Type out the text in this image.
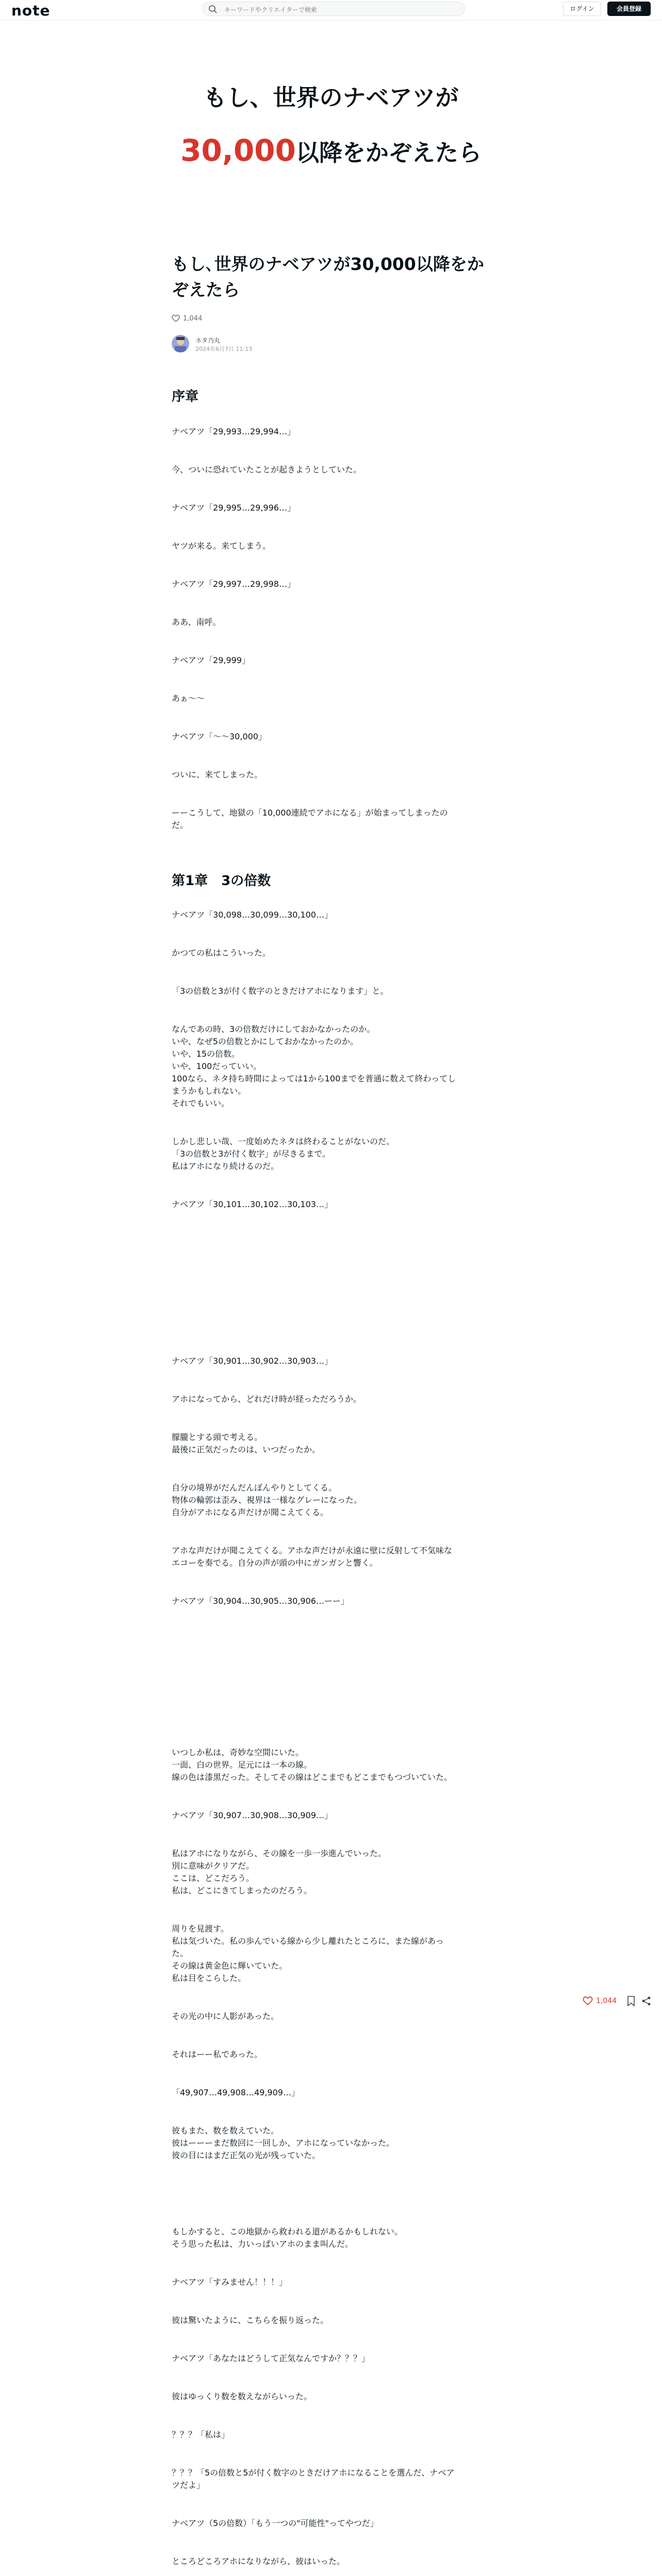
note
キーワードやクリエイターで検索	ログイン	会員登録
もし、世界のナベアツが
30,000以降をかぞえたら
もし､世界のナベアツが30,000以降をか
ぞえたら
1,044
ネタ乃丸
2024年6月7日 11:13
序章
第1章　3の倍数
ナベアツ「29,993…29,994…」
今、ついに恐れていたことが起きようとしていた。
ナベアツ「29,995…29,996…」
ヤツが来る。来てしまう。
ナベアツ「29,997…29,998…」
ああ、南呼。
ナベアツ「29,999」
あぁ〜〜
ナベアツ「〜〜30,000」
ついに、来てしまった。
ーーこうして、地獄の「10,000連続でアホになる」が始まってしまったの
だ。
ナベアツ「30,098…30,099…30,100…」
かつての私はこういった。
「3の倍数と3が付く数字のときだけアホになります」と。
なんであの時、3の倍数だけにしておかなかったのか。
いや、なぜ5の倍数とかにしておかなかったのか。
いや、15の倍数。
いや、100だっていい。
100なら、ネタ持ち時間によっては1から100までを普通に数えて終わってし
まうかもしれない。
それでもいい。
しかし悲しい哉、一度始めたネタは終わることがないのだ。
「3の倍数と3が付く数字」が尽きるまで。
私はアホになり続けるのだ。
ナベアツ「30,101…30,102…30,103…」
ナベアツ「30,901…30,902…30,903…」
アホになってから、どれだけ時が経っただろうか。
朦朧とする頭で考える。
最後に正気だったのは、いつだったか。
自分の境界がだんだんぼんやりとしてくる。
物体の輪郭は歪み、視界は一様なグレーになった。
自分がアホになる声だけが聞こえてくる。
アホな声だけが聞こえてくる。アホな声だけが永遠に壁に反射して不気味な
エコーを奏でる。自分の声が頭の中にガンガンと響く。
ナベアツ「30,904…30,905…30,906…ーー」
いつしか私は、奇妙な空間にいた。
一面、白の世界。足元には一本の線。
線の色は漆黒だった。そしてその線はどこまでもどこまでもつづいていた。
ナベアツ「30,907…30,908…30,909…」
私はアホになりながら、その線を一歩一歩進んでいった。
別に意味がクリアだ。
ここは、どこだろう。
私は、どこにきてしまったのだろう。
周りを見渡す。
私は気づいた。私の歩んでいる線から少し離れたところに、また線があっ
た。
その線は黄金色に輝いていた。
私は目をこらした。
その光の中に人影があった。
それはーー私であった。
「49,907…49,908…49,909…」
彼もまた、数を数えていた。
彼はーーーまだ数回に一回しか、アホになっていなかった。
彼の目にはまだ正気の光が残っていた。
もしかすると、この地獄から救われる道があるかもしれない。
そう思った私は、力いっぱいアホのまま叫んだ。
ナベアツ「すみません！！！」
彼は驚いたように、こちらを振り返った。
ナベアツ「あなたはどうして正気なんですか？？？」
彼はゆっくり数を数えながらいった。
？？？「私は」
？？？「5の倍数と5が付く数字のときだけアホになることを選んだ、ナベア
ツだよ」
ナベアツ（5の倍数）「もう一つの"可能性"ってやつだ」
ところどころアホになりながら、彼はいった。
1,044
